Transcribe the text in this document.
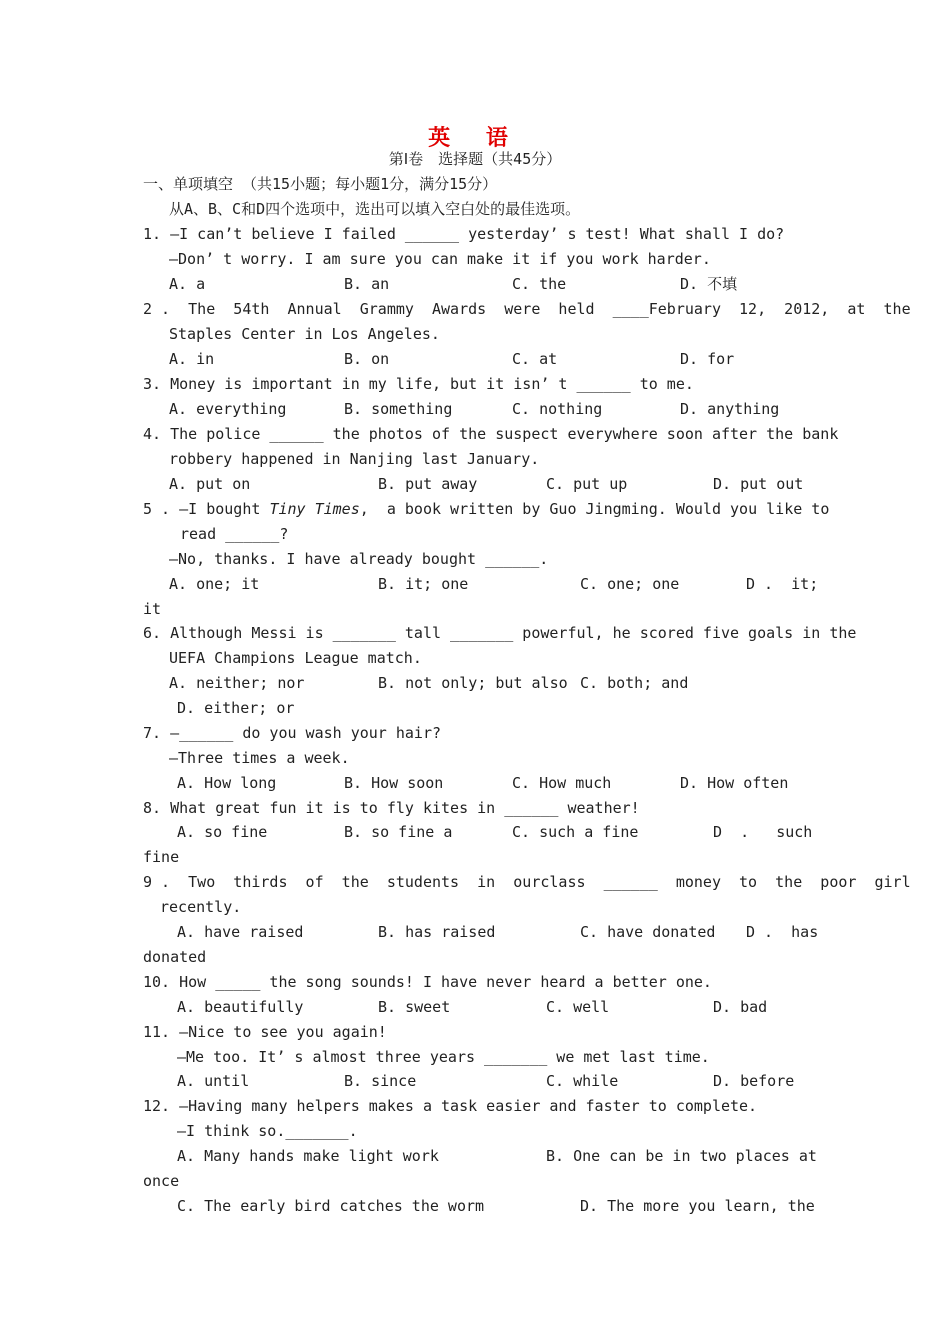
英 语
第Ⅰ卷　选择题（共45分）
一、单项填空 （共15小题；每小题1分，满分15分）
从A、B、C和D四个选项中，选出可以填入空白处的最佳选项。
1. —I can’t believe I failed ______ yesterday’ s test! What shall I do?
—Don’ t worry. I am sure you can make it if you work harder.
A. a	B. an	C. the	D. 不填
2 .  The  54th  Annual  Grammy  Awards  were  held  ____February  12,  2012,  at  the
Staples Center in Los Angeles.
A. in	B. on	C. at	D. for
3. Money is important in my life, but it isn’ t ______ to me.
A. everything	B. something	C. nothing	D. anything
4. The police ______ the photos of the suspect everywhere soon after the bank
robbery happened in Nanjing last January.
A. put on	B. put away	C. put up	D. put out
5 . —I bought Tiny Times,  a book written by Guo Jingming. Would you like to
read ______?
—No, thanks. I have already bought ______.
A. one; it	B. it; one	C. one; one	D .  it;
it
6. Although Messi is _______ tall _______ powerful, he scored five goals in the
UEFA Champions League match.
A. neither; nor	B. not only; but also C. both; and
D. either; or
7. —______ do you wash your hair?
—Three times a week.
A. How long	B. How soon	C. How much	D. How often
8. What great fun it is to fly kites in ______ weather!
A. so fine	B. so fine a	C. such a fine	D  .   such
fine
9 .  Two  thirds  of  the  students  in  ourclass  ______  money  to  the  poor  girl
recently.
A. have raised	B. has raised	C. have donated D .  has
donated
10. How _____ the song sounds! I have never heard a better one.
A. beautifully	B. sweet	C. well	D. bad
11. —Nice to see you again!
—Me too. It’ s almost three years _______ we met last time.
A. until	B. since	C. while	D. before
12. —Having many helpers makes a task easier and faster to complete.
—I think so._______.
A. Many hands make light work	B. One can be in two places at
once
C. The early bird catches the worm	D. The more you learn, the
